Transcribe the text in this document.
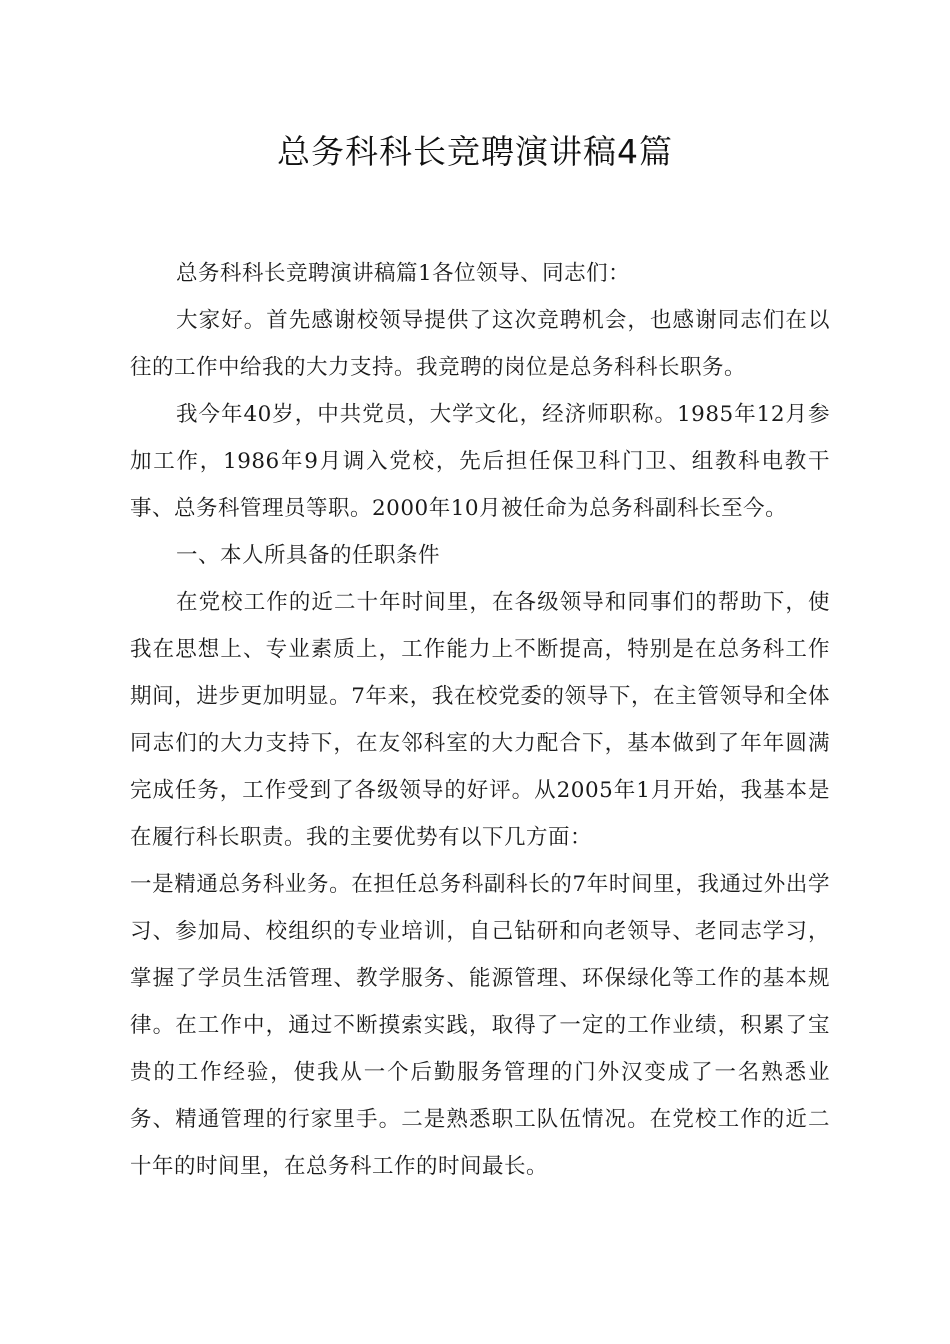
总务科科长竞聘演讲稿4篇

总务科科长竞聘演讲稿篇1各位领导、同志们：

大家好。首先感谢校领导提供了这次竞聘机会，也感谢同志们在以往的工作中给我的大力支持。我竞聘的岗位是总务科科长职务。

我今年40岁，中共党员，大学文化，经济师职称。1985年12月参加工作，1986年9月调入党校，先后担任保卫科门卫、组教科电教干事、总务科管理员等职。2000年10月被任命为总务科副科长至今。

一、本人所具备的任职条件

在党校工作的近二十年时间里，在各级领导和同事们的帮助下，使我在思想上、专业素质上，工作能力上不断提高，特别是在总务科工作期间，进步更加明显。7年来，我在校党委的领导下，在主管领导和全体同志们的大力支持下，在友邻科室的大力配合下，基本做到了年年圆满完成任务，工作受到了各级领导的好评。从2005年1月开始，我基本是在履行科长职责。我的主要优势有以下几方面：

一是精通总务科业务。在担任总务科副科长的7年时间里，我通过外出学习、参加局、校组织的专业培训，自己钻研和向老领导、老同志学习，掌握了学员生活管理、教学服务、能源管理、环保绿化等工作的基本规律。在工作中，通过不断摸索实践，取得了一定的工作业绩，积累了宝贵的工作经验，使我从一个后勤服务管理的门外汉变成了一名熟悉业务、精通管理的行家里手。二是熟悉职工队伍情况。在党校工作的近二十年的时间里，在总务科工作的时间最长。
